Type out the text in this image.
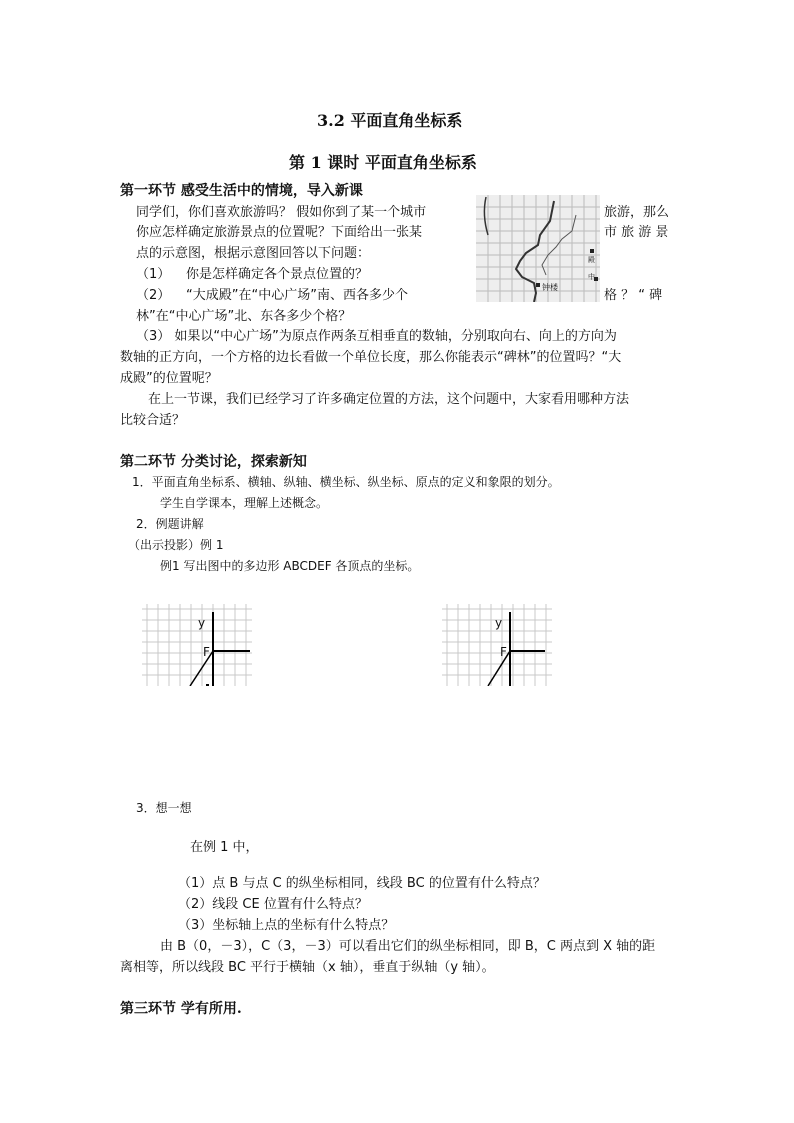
3.2 平面直角坐标系
第 1 课时 平面直角坐标系
第一环节 感受生活中的情境，导入新课
同学们，你们喜欢旅游吗？ 假如你到了某一个城市	旅游，那么
你应怎样确定旅游景点的位置呢？下面给出一张某	市 旅 游 景
点的示意图，根据示意图回答以下问题：
（1） 你是怎样确定各个景点位置的？
（2） “大成殿”在“中心广场”南、西各多少个	格 ？ “ 碑
林”在“中心广场”北、东各多少个格？
（3） 如果以“中心广场”为原点作两条互相垂直的数轴，分别取向右、向上的方向为
数轴的正方向，一个方格的边长看做一个单位长度，那么你能表示“碑林”的位置吗？“大
成殿”的位置呢？
在上一节课，我们已经学习了许多确定位置的方法，这个问题中，大家看用哪种方法
比较合适？
殿
钟楼
中
第二环节 分类讨论，探索新知
1．平面直角坐标系、横轴、纵轴、横坐标、纵坐标、原点的定义和象限的划分。
学生自学课本，理解上述概念。
2．例题讲解
（出示投影）例 1
例1 写出图中的多边形 ABCDEF 各顶点的坐标。
y
F
y
F
3．想一想
在例 1 中，
（1）点 B 与点 C 的纵坐标相同，线段 BC 的位置有什么特点？
（2）线段 CE 位置有什么特点？
（3）坐标轴上点的坐标有什么特点？
由 B（0，－3），C（3，－3）可以看出它们的纵坐标相同，即 B，C 两点到 X 轴的距
离相等，所以线段 BC 平行于横轴（x 轴），垂直于纵轴（y 轴）。
第三环节 学有所用.
